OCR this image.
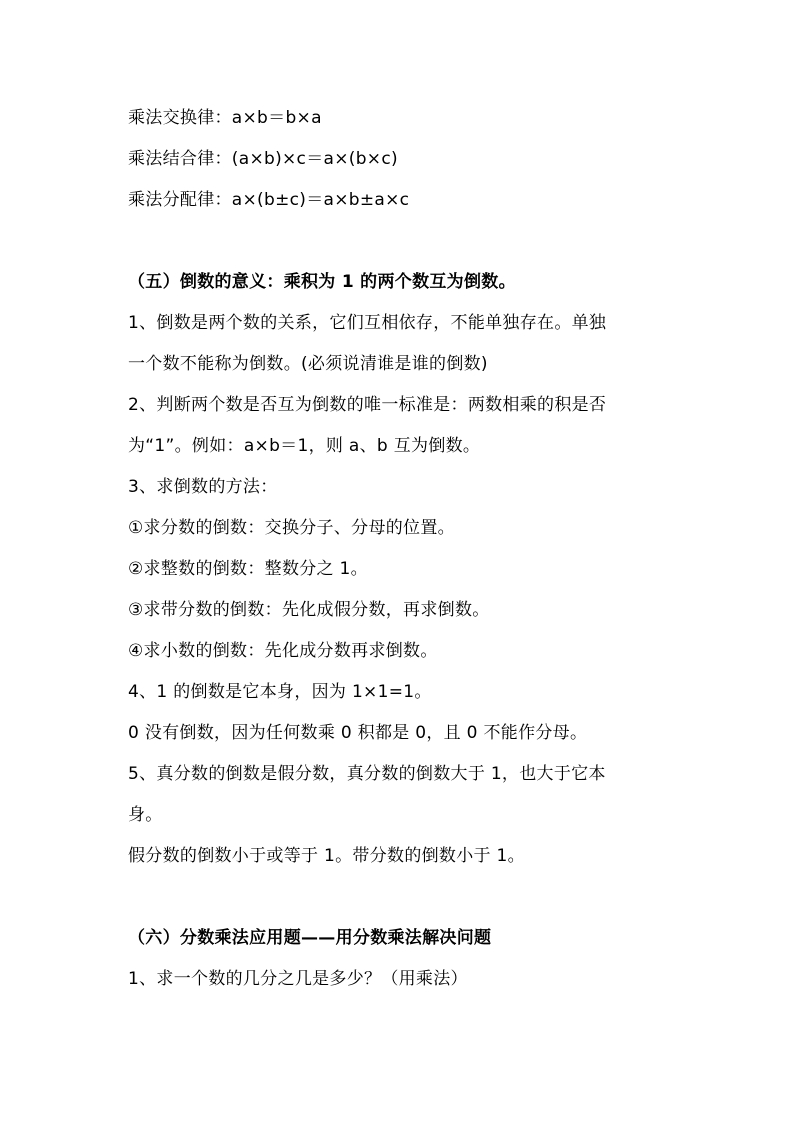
乘法交换律：a×b＝b×a
乘法结合律：(a×b)×c＝a×(b×c)
乘法分配律：a×(b±c)＝a×b±a×c
（五）倒数的意义：乘积为 1 的两个数互为倒数。
1、倒数是两个数的关系，它们互相依存，不能单独存在。单独
一个数不能称为倒数。(必须说清谁是谁的倒数)
2、判断两个数是否互为倒数的唯一标准是：两数相乘的积是否
为“1”。例如：a×b＝1，则 a、b 互为倒数。
3、求倒数的方法：
①求分数的倒数：交换分子、分母的位置。
②求整数的倒数：整数分之 1。
③求带分数的倒数：先化成假分数，再求倒数。
④求小数的倒数：先化成分数再求倒数。
4、1 的倒数是它本身，因为 1×1=1。
0 没有倒数，因为任何数乘 0 积都是 0，且 0 不能作分母。
5、真分数的倒数是假分数，真分数的倒数大于 1，也大于它本
身。
假分数的倒数小于或等于 1。带分数的倒数小于 1。
（六）分数乘法应用题——用分数乘法解决问题
1、求一个数的几分之几是多少？（用乘法）
